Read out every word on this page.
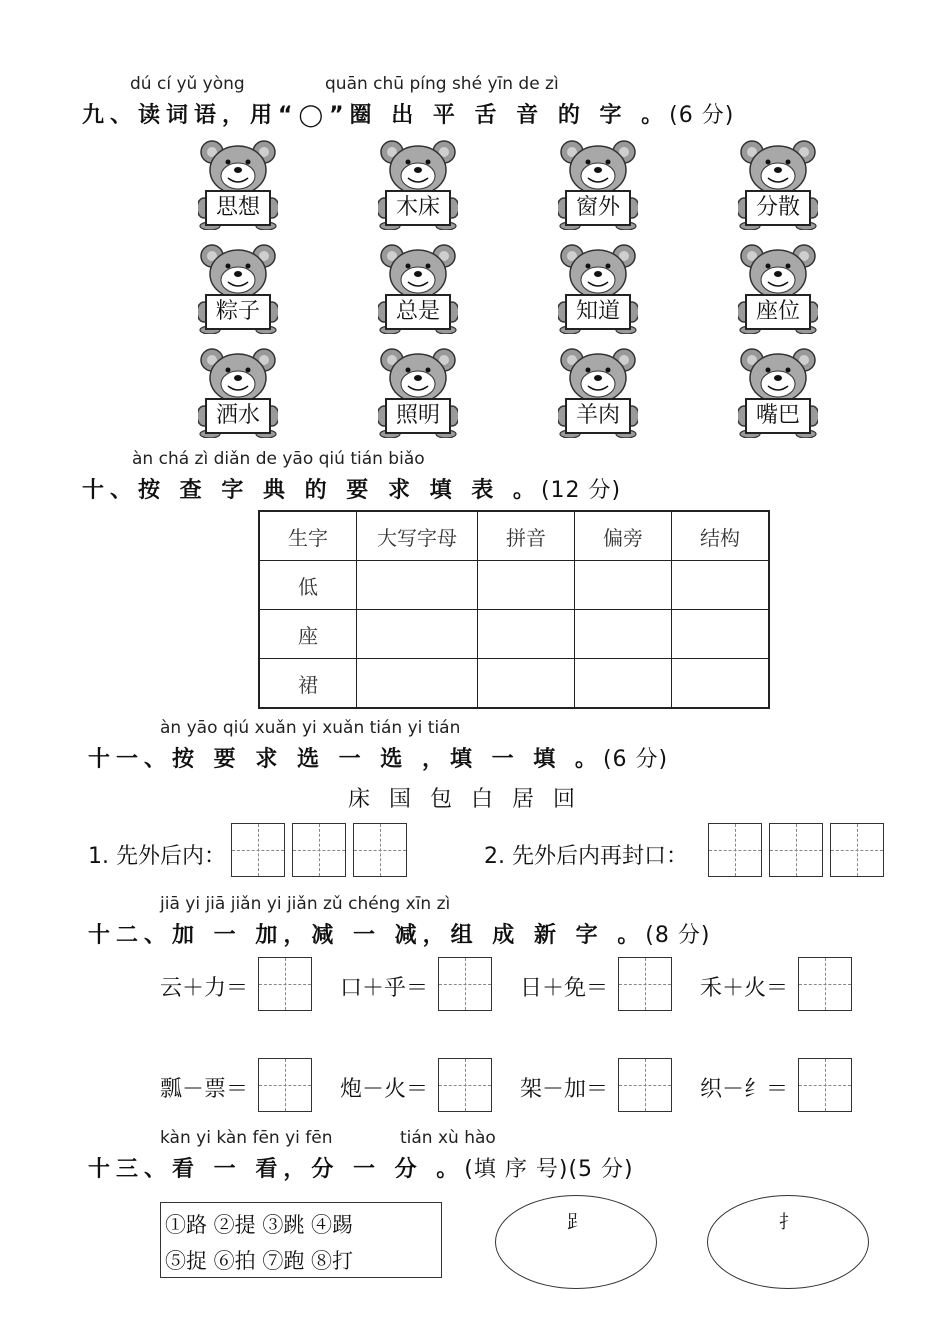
dú cí yǔ yòng	quān chū píng shé yīn de zì
九、读词语，用“◯”圈 出 平 舌 音 的 字 。(6 分)
思想	木床	窗外	分散
粽子	总是	知道	座位
洒水	照明	羊肉	嘴巴
àn chá zì diǎn de yāo qiú tián biǎo
十、按 查 字 典 的 要 求 填 表 。(12 分)
生字	大写字母	拼音	偏旁	结构
低				
座				
裙				
àn yāo qiú xuǎn yi xuǎn tián yi tián
十一、按 要 求 选 一 选 ，填 一 填 。(6 分)
床 国 包 白 居 回
1. 先外后内：	2. 先外后内再封口：
jiā yi jiā jiǎn yi jiǎn zǔ chéng xīn zì
十二、加 一 加，减 一 减，组 成 新 字 。(8 分)
云＋力＝	口＋乎＝	日＋免＝	禾＋火＝
瓢－票＝	炮－火＝	架－加＝	织－纟＝
kàn yi kàn fēn yi fēn	tián xù hào
十三、看 一 看，分 一 分 。(填 序 号)(5 分)
①路 ②提 ③跳 ④踢
⑤捉 ⑥拍 ⑦跑 ⑧打
𧾷	扌
